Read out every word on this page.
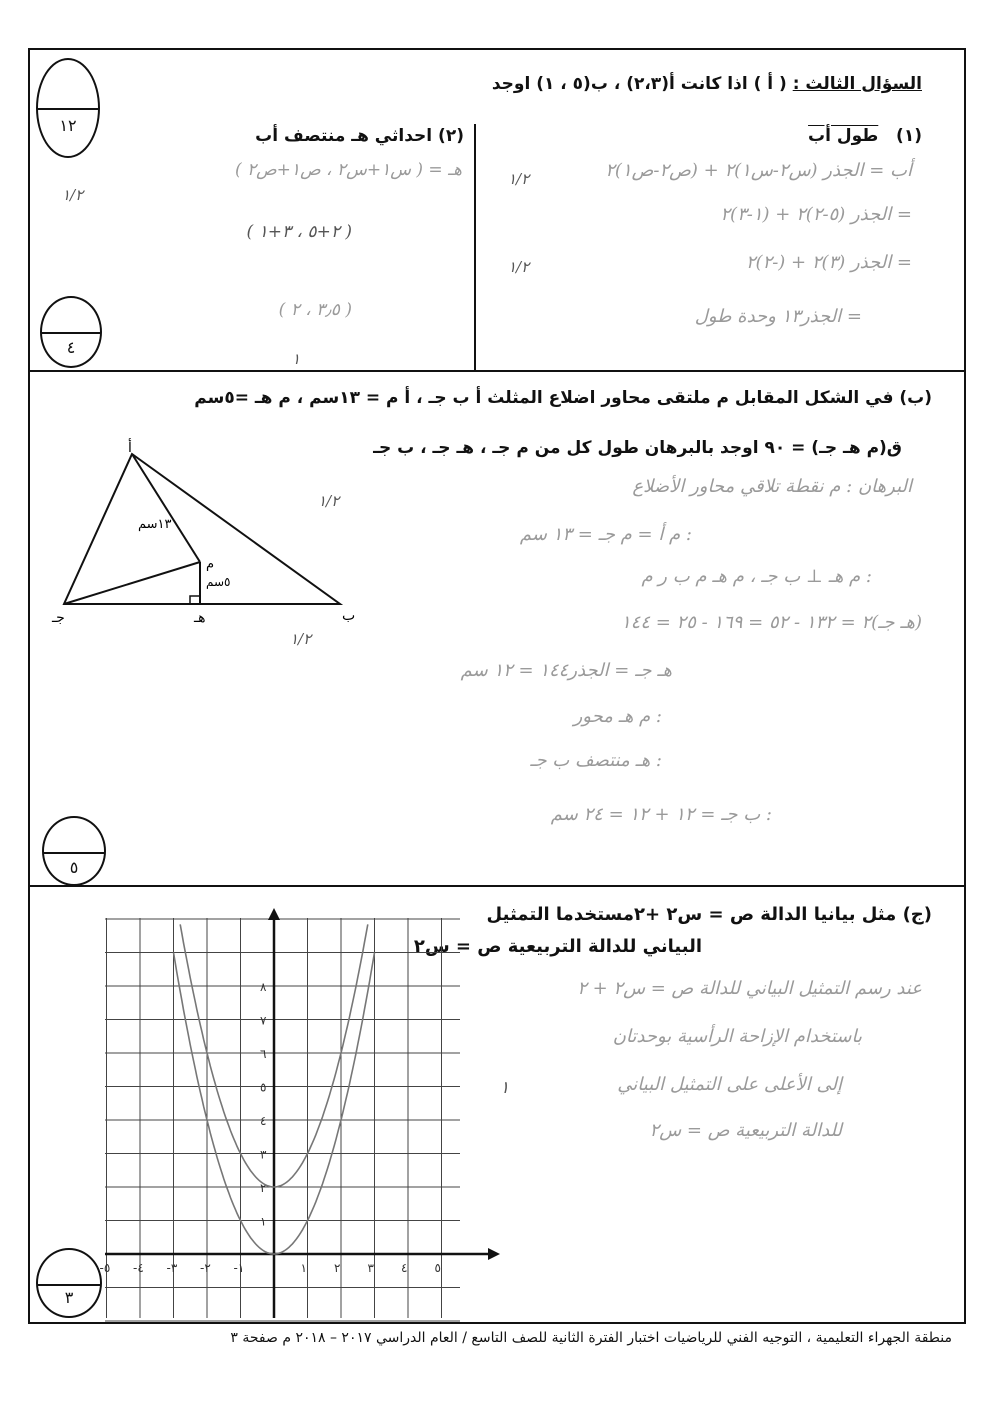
السؤال الثالث : ( أ ) اذا كانت أ(٢،٣) ، ب(٥ ، ١) اوجد
(١)   طول أب
(٢) احداثي هـ منتصف أب
(ب) في الشكل المقابل م ملتقى محاور اضلاع المثلث أ ب جـ ، أ م = ١٣سم ، م هـ =٥سم
ق(م هـ جـ) = ٩٠ اوجد بالبرهان طول كل من م جـ ، هـ جـ ، ب جـ
(ج) مثل بيانيا الدالة ص = س٢ +٢مستخدما التمثيل
البياني للدالة التربيعية ص = س٢
أب = الجذر (س٢-س١)٢ + (ص٢-ص١)٢
= الجذر (٥-٢)٢ + (١-٣)٢
= الجذر (٣)٢ + (-٢)٢
= الجذر١٣ وحدة طول
هـ = ( س١+س٢ ، ص١+ص٢ )
( ٢+٥ ، ٣+١ )
( ٣٫٥ ، ٢ )
البرهان : م نقطة تلاقي محاور الأضلاع
: م أ = م جـ = ١٣ سم
: م هـ ⊥ ب جـ ، م هـ م ب ر م
(هـ جـ)٢ = ١٣٢ - ٥٢ = ١٦٩ - ٢٥ = ١٤٤
هـ جـ = الجذر١٤٤ = ١٢ سم
: م هـ محور
: هـ منتصف ب جـ
: ب جـ = ١٢ + ١٢ = ٢٤ سم
عند رسم التمثيل البياني للدالة ص = س٢ + ٢
باستخدام الإزاحة الرأسية بوحدتان
إلى الأعلى على التمثيل البياني
للدالة التربيعية ص = س٢
١/٢
١/٢
١/٢
١
١/٢
١/٢
١
١٢
٤
٥
٣
أ
ب
جـ	هـ
م
١٣سم
٥سم
-٥ -٤ -٣ -٢ -١	١ ٢ ٣ ٤ ٥
١
٢
٣
٤
٥
٦
٧
٨
منطقة الجهراء التعليمية ، التوجيه الفني للرياضيات اختبار الفترة الثانية للصف التاسع / العام الدراسي ٢٠١٧ – ٢٠١٨ م صفحة ٣
